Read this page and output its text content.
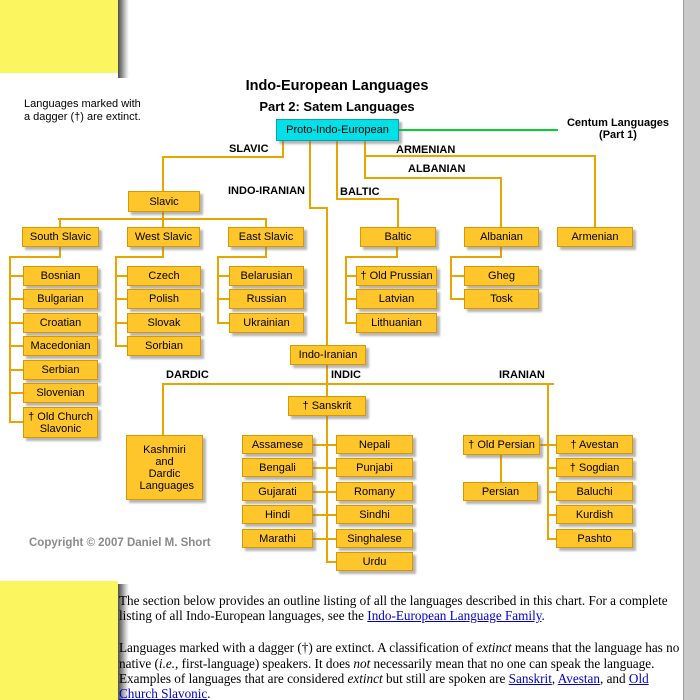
Languages marked with
a dagger (†) are extinct.
Indo-European Languages
Part 2: Satem Languages
Centum Languages
(Part 1)
SLAVIC	ARMENIAN
ALBANIAN
INDO-IRANIAN	BALTIC
DARDIC	INDIC	IRANIAN
Proto-Indo-European
Slavic
South Slavic	West Slavic	East Slavic	Baltic	Albanian	Armenian
Indo-Iranian
† Sanskrit
Kashmiri and Dardic Languages
† Old Persian
Persian
Bosnian
Bulgarian
Croatian
Macedonian
Serbian
Slovenian
† Old Church Slavonic
Czech
Polish
Slovak
Sorbian
Belarusian
Russian
Ukrainian
† Old Prussian
Latvian
Lithuanian
Gheg
Tosk
Assamese
Bengali
Gujarati
Hindi
Marathi
Nepali
Punjabi
Romany
Sindhi
Singhalese
Urdu
† Avestan
† Sogdian
Baluchi
Kurdish
Pashto
Copyright © 2007 Daniel M. Short

The section below provides an outline listing of all the languages described in this chart. For a complete listing of all Indo-European languages, see the Indo-European Language Family.

Languages marked with a dagger (†) are extinct. A classification of extinct means that the language has no native (i.e., first-language) speakers. It does not necessarily mean that no one can speak the language. Examples of languages that are considered extinct but still are spoken are Sanskrit, Avestan, and Old Church Slavonic.
